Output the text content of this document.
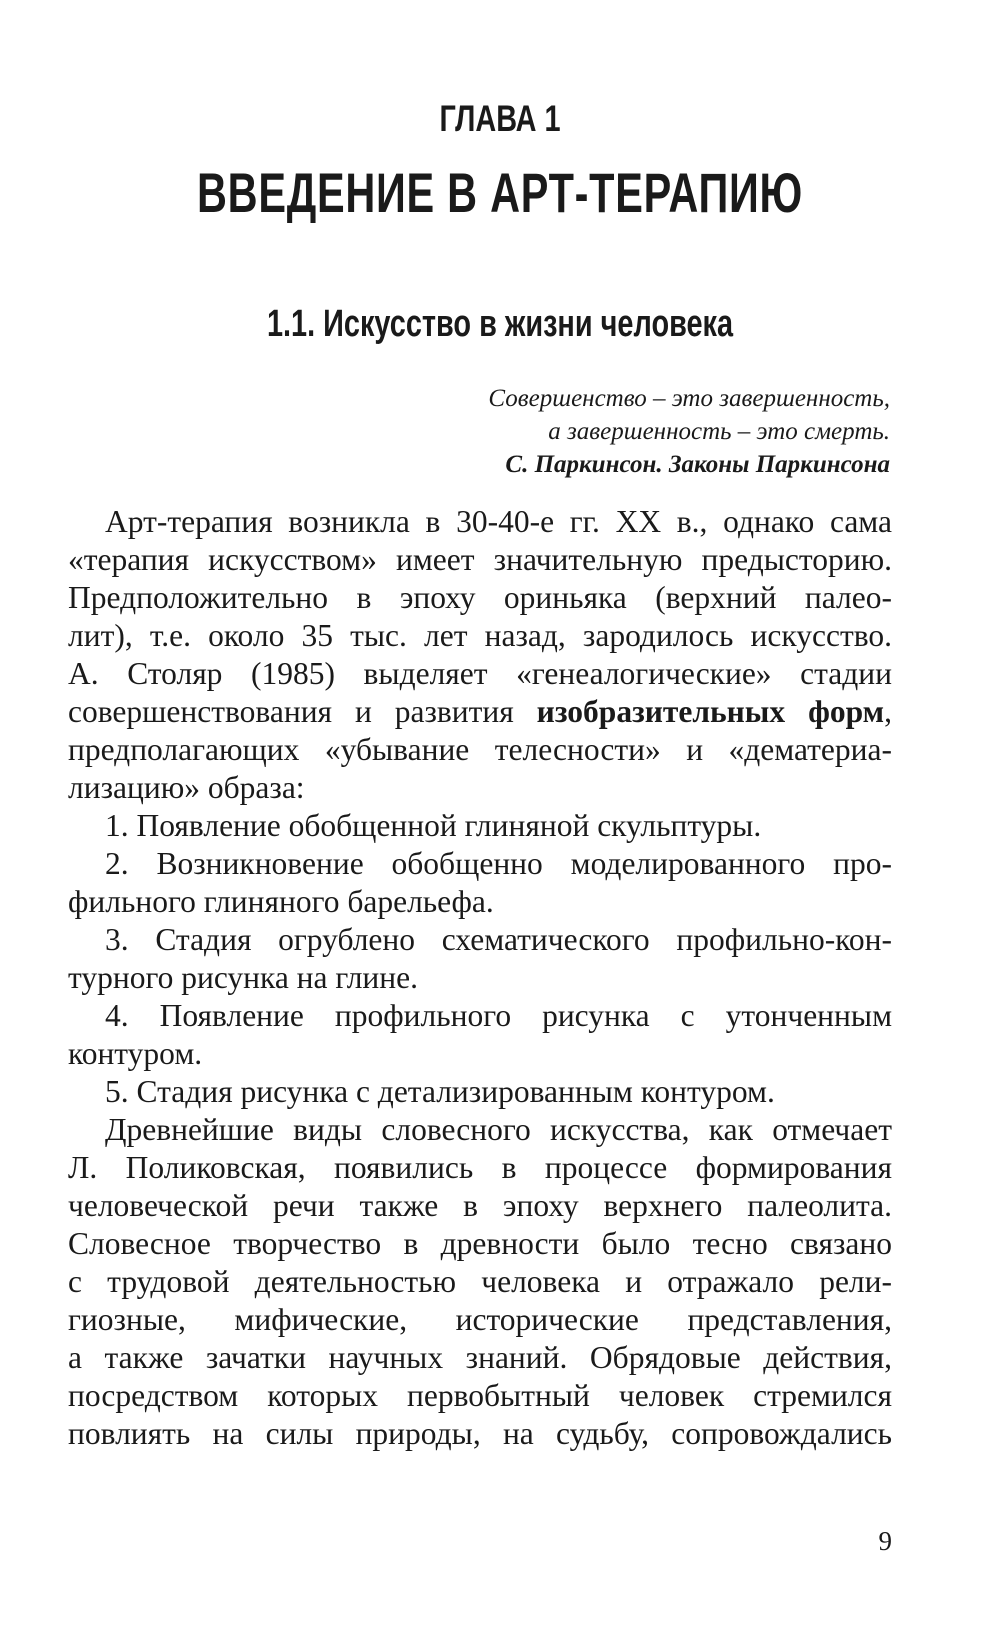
ГЛАВА 1
ВВЕДЕНИЕ В АРТ-ТЕРАПИЮ
1.1. Искусство в жизни человека
Совершенство – это завершенность,
а завершенность – это смерть.
С. Паркинсон. Законы Паркинсона

Арт-терапия возникла в 30-40-е гг. XX в., однако сама
«терапия искусством» имеет значительную предысторию.
Предположительно в эпоху ориньяка (верхний палео-
лит), т.е. около 35 тыс. лет назад, зародилось искусство.
А. Столяр (1985) выделяет «генеалогические» стадии
совершенствования и развития изобразительных форм,
предполагающих «убывание телесности» и «дематериа-
лизацию» образа:

1. Появление обобщенной глиняной скульптуры.
2. Возникновение обобщенно моделированного про-
фильного глиняного барельефа.
3. Стадия огрублено схематического профильно-кон-
турного рисунка на глине.
4. Появление профильного рисунка с утонченным
контуром.
5. Стадия рисунка с детализированным контуром.

Древнейшие виды словесного искусства, как отмечает
Л. Поликовская, появились в процессе формирования
человеческой речи также в эпоху верхнего палеолита.
Словесное творчество в древности было тесно связано
с трудовой деятельностью человека и отражало рели-
гиозные, мифические, исторические представления,
а также зачатки научных знаний. Обрядовые действия,
посредством которых первобытный человек стремился
повлиять на силы природы, на судьбу, сопровождались

9
